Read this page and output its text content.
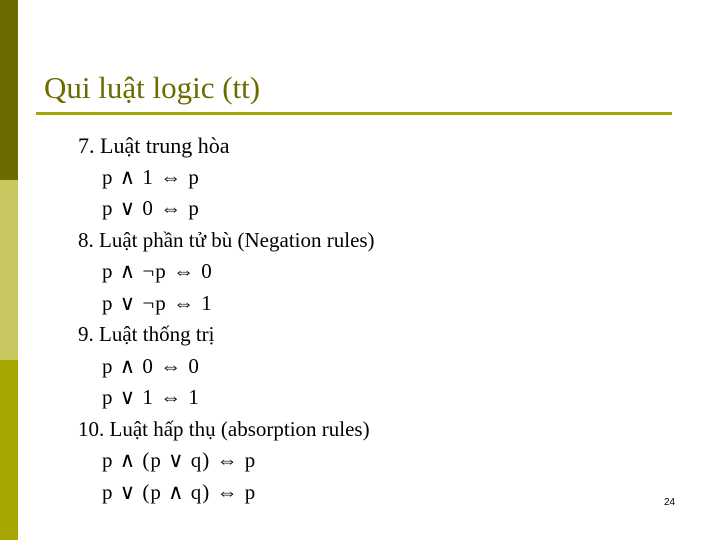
Qui luật logic (tt)
7. Luật trung hòa
p ∧ 1 ⇔ p
p ∨ 0 ⇔ p
8. Luật phần tử bù (Negation rules)
p ∧ ¬p ⇔ 0
p ∨ ¬p ⇔ 1
9. Luật thống trị
p ∧ 0 ⇔ 0
p ∨ 1 ⇔ 1
10. Luật hấp thụ (absorption rules)
p ∧ (p ∨ q) ⇔ p
p ∨ (p ∧ q) ⇔ p	24
